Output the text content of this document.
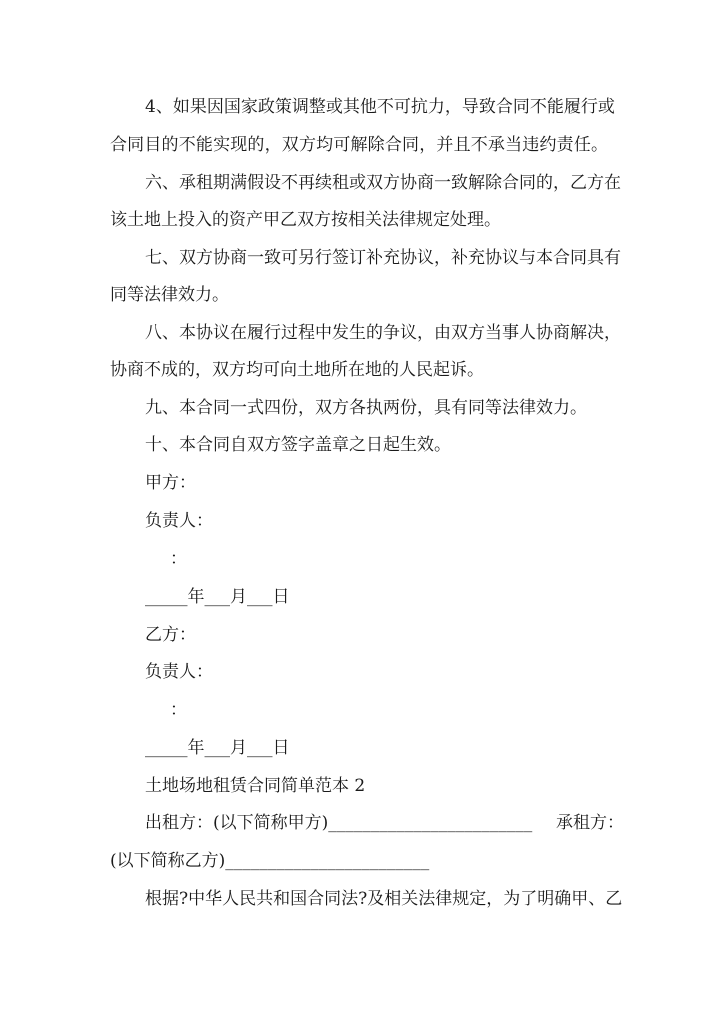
4、如果因国家政策调整或其他不可抗力，导致合同不能履行或
合同目的不能实现的，双方均可解除合同，并且不承当违约责任。
六、承租期满假设不再续租或双方协商一致解除合同的，乙方在
该土地上投入的资产甲乙双方按相关法律规定处理。
七、双方协商一致可另行签订补充协议，补充协议与本合同具有
同等法律效力。
八、本协议在履行过程中发生的争议，由双方当事人协商解决，
协商不成的，双方均可向土地所在地的人民起诉。
九、本合同一式四份，双方各执两份，具有同等法律效力。
十、本合同自双方签字盖章之日起生效。
甲方：
负责人：
：
_____年___月___日
乙方：
负责人：
：
_____年___月___日
土地场地租赁合同简单范本 2
出租方：(以下简称甲方)________________________ 承租方：
(以下简称乙方)________________________
根据?中华人民共和国合同法?及相关法律规定，为了明确甲、乙
